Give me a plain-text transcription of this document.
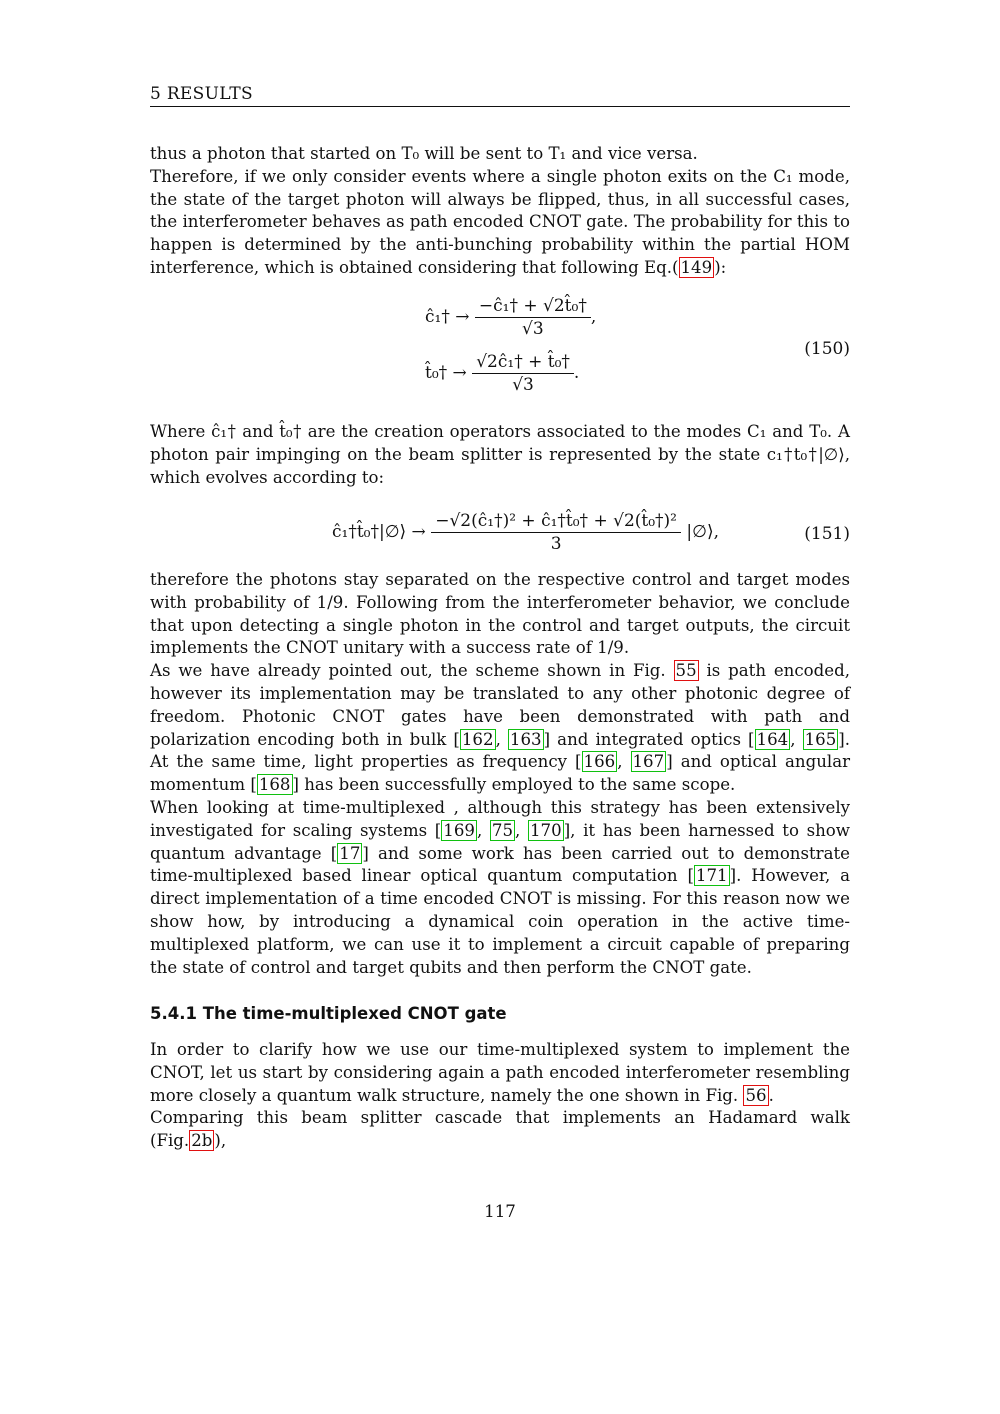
5 RESULTS

thus a photon that started on T₀ will be sent to T₁ and vice versa.

Therefore, if we only consider events where a single photon exits on the C₁ mode, the state of the target photon will always be flipped, thus, in all successful cases, the interferometer behaves as path encoded CNOT gate. The probability for this to happen is determined by the anti-bunching probability within the partial HOM interference, which is obtained considering that following Eq.( 149 ):

ĉ₁† → $\frac{\text{−ĉ₁† + √2t̂₀†}}{√3}$ ,
t̂₀† → $\frac{\text{√2ĉ₁† + t̂₀†}}{√3}$ .
(150)

Where ĉ₁† and t̂₀† are the creation operators associated to the modes C₁ and T₀. A photon pair impinging on the beam splitter is represented by the state c₁†t₀†|∅⟩, which evolves according to:

ĉ₁†t̂₀†|∅⟩ → $\frac{\text{−√2(ĉ₁†)² + ĉ₁†t̂₀† + √2(t̂₀†)²}}{3}$ |∅⟩,	(151)

therefore the photons stay separated on the respective control and target modes with probability of 1/9. Following from the interferometer behavior, we conclude that upon detecting a single photon in the control and target outputs, the circuit implements the CNOT unitary with a success rate of 1/9.

As we have already pointed out, the scheme shown in Fig. 55 is path encoded, however its implementation may be translated to any other photonic degree of freedom. Photonic CNOT gates have been demonstrated with path and polarization encoding both in bulk [ 162 , 163 ] and integrated optics [ 164 , 165 ]. At the same time, light properties as frequency [ 166 , 167 ] and optical angular momentum [ 168 ] has been successfully employed to the same scope.

When looking at time-multiplexed , although this strategy has been extensively investigated for scaling systems [ 169 , 75 , 170 ], it has been harnessed to show quantum advantage [ 17 ] and some work has been carried out to demonstrate time-multiplexed based linear optical quantum computation [ 171 ]. However, a direct implementation of a time encoded CNOT is missing. For this reason now we show how, by introducing a dynamical coin operation in the active time-multiplexed platform, we can use it to implement a circuit capable of preparing the state of control and target qubits and then perform the CNOT gate.

5.4.1 The time-multiplexed CNOT gate

In order to clarify how we use our time-multiplexed system to implement the CNOT, let us start by considering again a path encoded interferometer resembling more closely a quantum walk structure, namely the one shown in Fig. 56 .

Comparing this beam splitter cascade that implements an Hadamard walk (Fig. 2b ),

117
